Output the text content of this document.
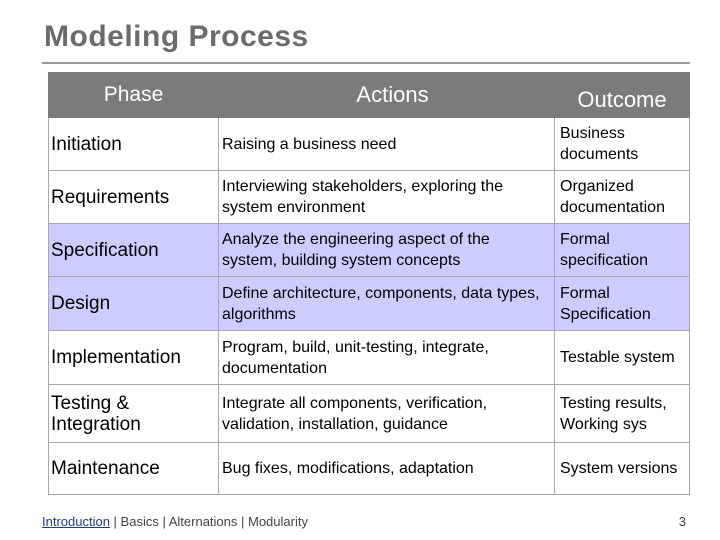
Modeling Process
Phase	Actions	Outcome
Initiation	Raising a business need	Business documents
Requirements	Interviewing stakeholders, exploring the system environment	Organized documentation
Specification	Analyze the engineering aspect of the system, building system concepts	Formal specification
Design	Define architecture, components, data types, algorithms	Formal Specification
Implementation	Program, build, unit-testing, integrate, documentation	Testable system
Testing & Integration	Integrate all components, verification, validation, installation, guidance	Testing results, Working sys
Maintenance	Bug fixes, modifications, adaptation	System versions
Introduction | Basics | Alternations | Modularity	3
